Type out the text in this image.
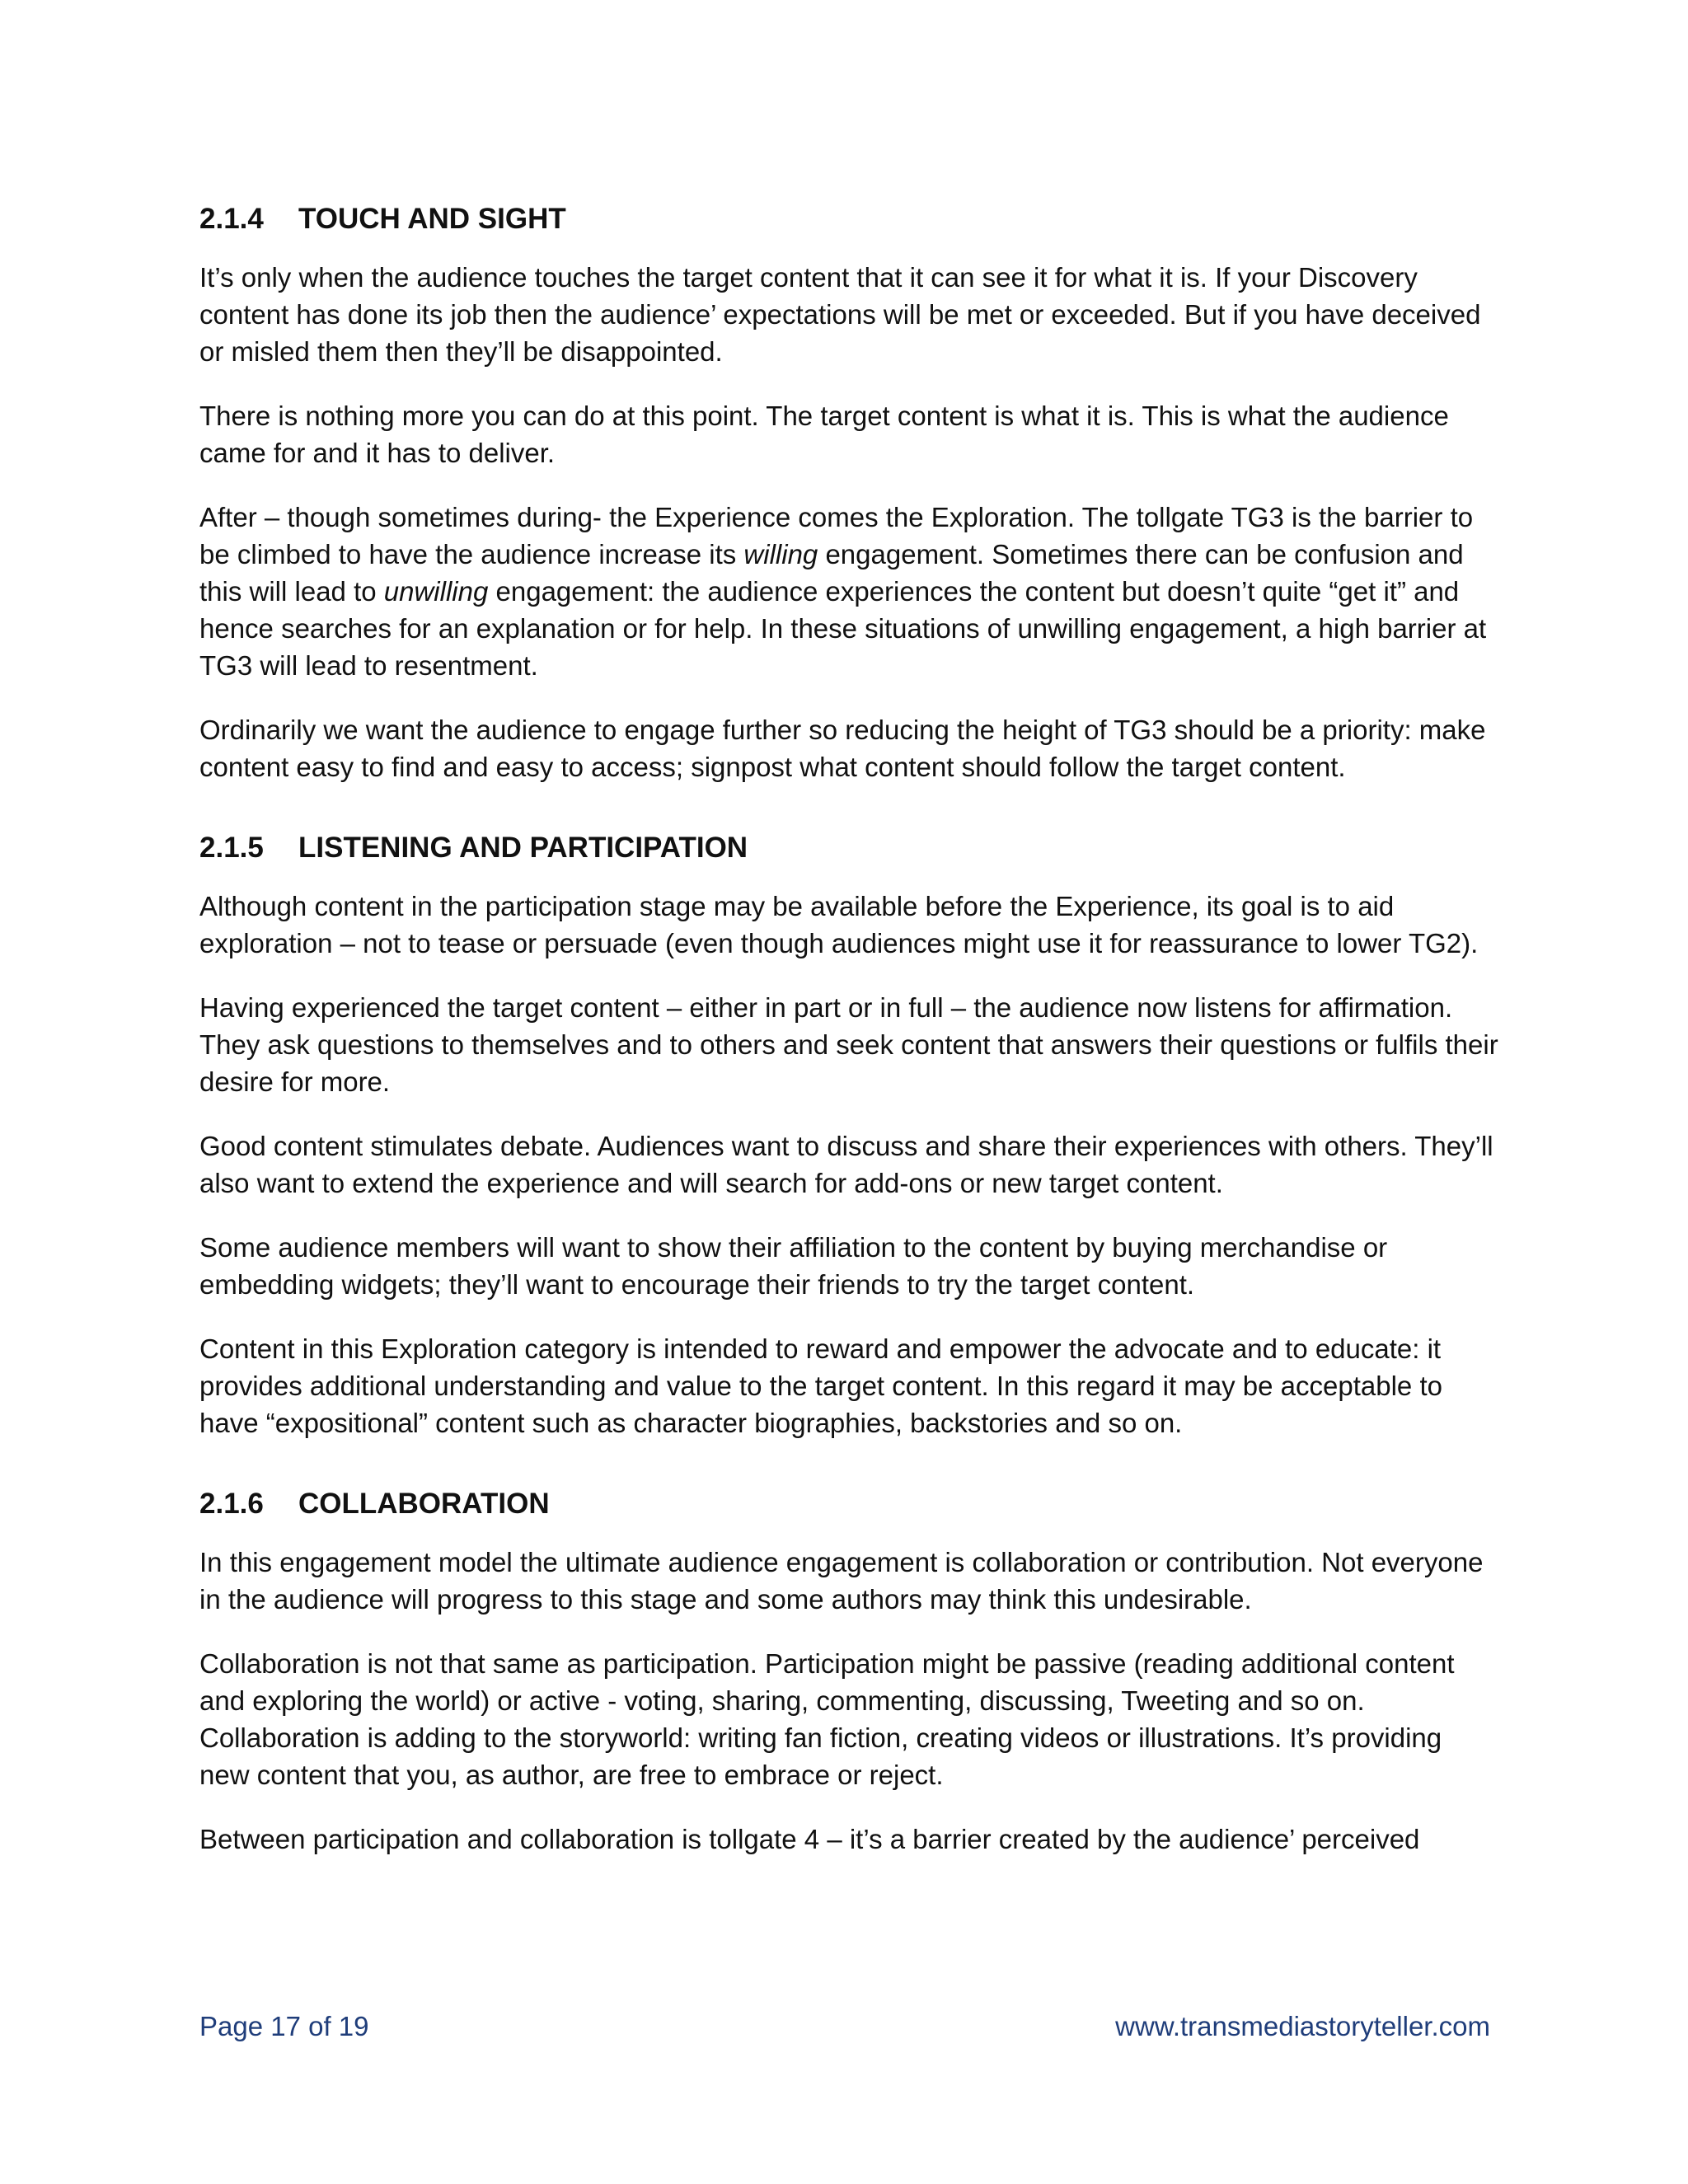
2.1.4 TOUCH AND SIGHT

It’s only when the audience touches the target content that it can see it for what it is. If your Discovery content has done its job then the audience’ expectations will be met or exceeded. But if you have deceived or misled them then they’ll be disappointed.

There is nothing more you can do at this point. The target content is what it is. This is what the audience came for and it has to deliver.

After – though sometimes during- the Experience comes the Exploration. The tollgate TG3 is the barrier to be climbed to have the audience increase its willing engagement. Sometimes there can be confusion and this will lead to unwilling engagement: the audience experiences the content but doesn’t quite “get it” and hence searches for an explanation or for help. In these situations of unwilling engagement, a high barrier at TG3 will lead to resentment.

Ordinarily we want the audience to engage further so reducing the height of TG3 should be a priority: make content easy to find and easy to access; signpost what content should follow the target content.

2.1.5 LISTENING AND PARTICIPATION

Although content in the participation stage may be available before the Experience, its goal is to aid exploration – not to tease or persuade (even though audiences might use it for reassurance to lower TG2).

Having experienced the target content – either in part or in full – the audience now listens for affirmation. They ask questions to themselves and to others and seek content that answers their questions or fulfils their desire for more.

Good content stimulates debate. Audiences want to discuss and share their experiences with others. They’ll also want to extend the experience and will search for add-ons or new target content.

Some audience members will want to show their affiliation to the content by buying merchandise or embedding widgets; they’ll want to encourage their friends to try the target content.

Content in this Exploration category is intended to reward and empower the advocate and to educate: it provides additional understanding and value to the target content. In this regard it may be acceptable to have “expositional” content such as character biographies, backstories and so on.

2.1.6 COLLABORATION

In this engagement model the ultimate audience engagement is collaboration or contribution. Not everyone in the audience will progress to this stage and some authors may think this undesirable.

Collaboration is not that same as participation. Participation might be passive (reading additional content and exploring the world) or active - voting, sharing, commenting, discussing, Tweeting and so on. Collaboration is adding to the storyworld: writing fan fiction, creating videos or illustrations. It’s providing new content that you, as author, are free to embrace or reject.

Between participation and collaboration is tollgate 4 – it’s a barrier created by the audience’ perceived

Page 17 of 19	www.transmediastoryteller.com
